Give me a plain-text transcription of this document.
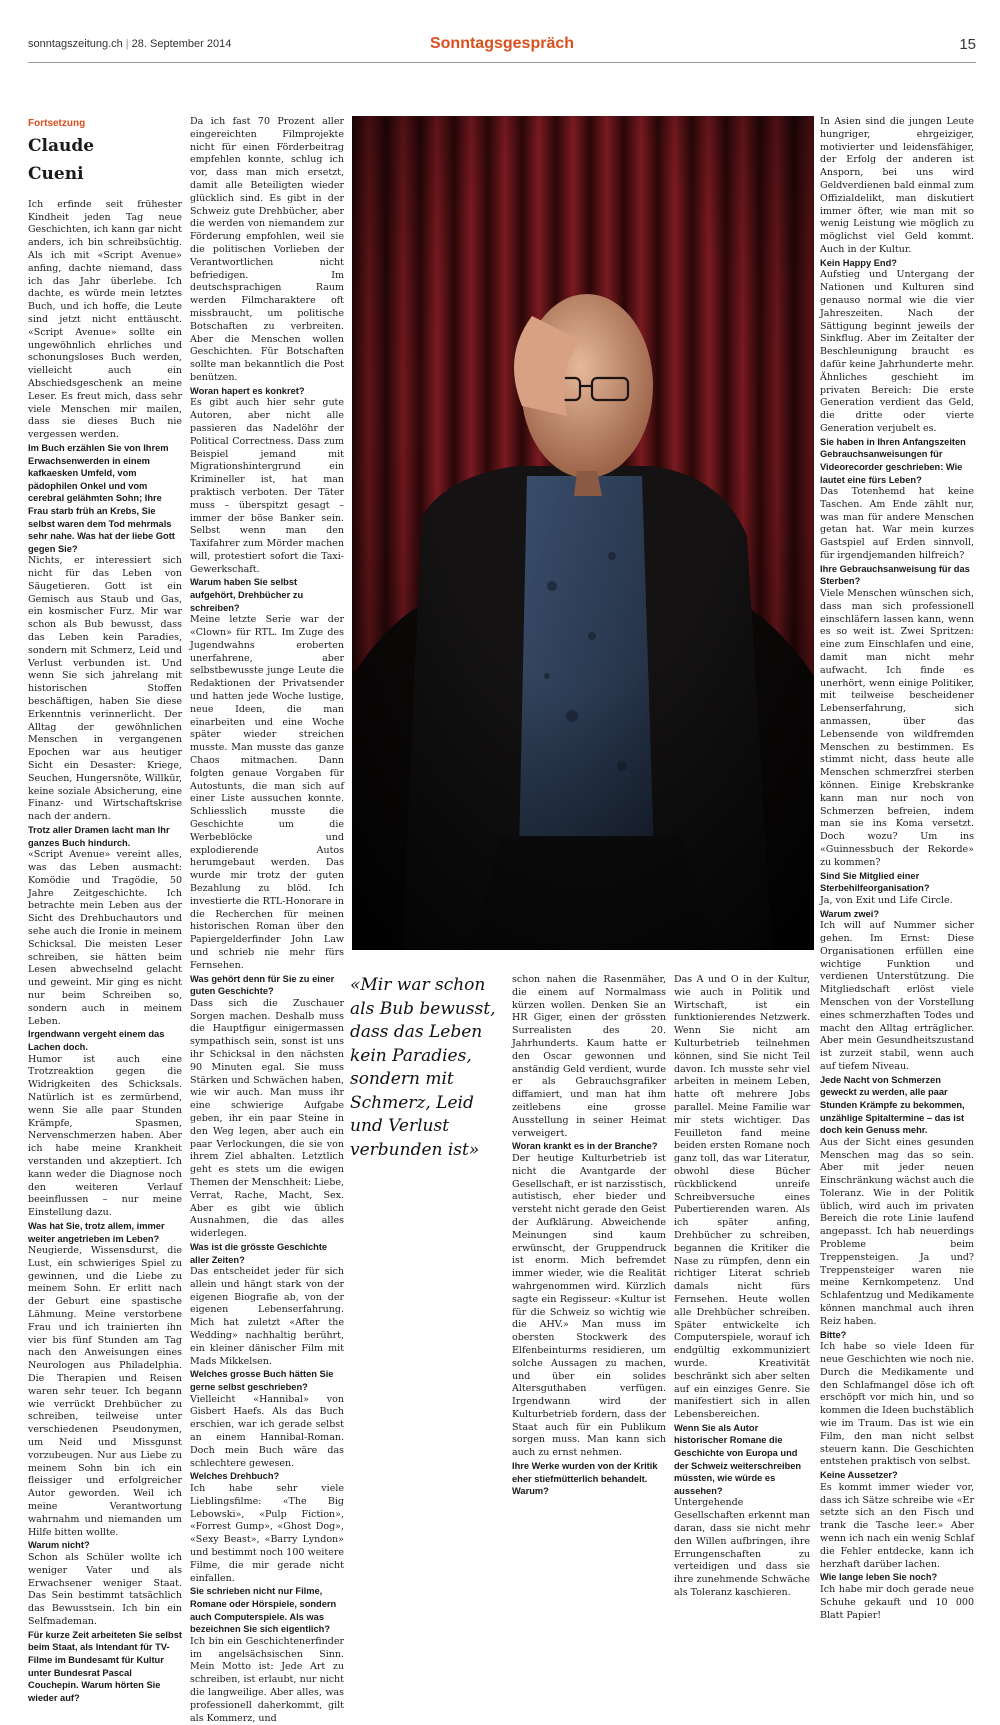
sonntagszeitung.ch | 28. September 2014	Sonntagsgespräch	15
Fortsetzung
Claude
Cueni

Ich erfinde seit frühester Kindheit jeden Tag neue Geschichten, ich kann gar nicht anders, ich bin schreibsüchtig. Als ich mit «Script Avenue» anfing, dachte niemand, dass ich das Jahr überlebe. Ich dachte, es würde mein letztes Buch, und ich hoffe, die Leute sind jetzt nicht enttäuscht. «Script Avenue» sollte ein ungewöhnlich ehrliches und schonungsloses Buch werden, vielleicht auch ein Abschiedsgeschenk an meine Leser. Es freut mich, dass sehr viele Menschen mir mailen, dass sie dieses Buch nie vergessen werden.

Im Buch erzählen Sie von Ihrem Erwachsenwerden in einem kafkaesken Umfeld, vom pädophilen Onkel und vom cerebral gelähmten Sohn; Ihre Frau starb früh an Krebs, Sie selbst waren dem Tod mehrmals sehr nahe. Was hat der liebe Gott gegen Sie?

Nichts, er interessiert sich nicht für das Leben von Säugetieren. Gott ist ein Gemisch aus Staub und Gas, ein kosmischer Furz. Mir war schon als Bub bewusst, dass das Leben kein Paradies, sondern mit Schmerz, Leid und Verlust verbunden ist. Und wenn Sie sich jahrelang mit historischen Stoffen beschäftigen, haben Sie diese Erkenntnis verinnerlicht. Der Alltag der gewöhnlichen Menschen in vergangenen Epochen war aus heutiger Sicht ein Desaster: Kriege, Seuchen, Hungersnöte, Willkür, keine soziale Absicherung, eine Finanz- und Wirtschaftskrise nach der andern.

Trotz aller Dramen lacht man Ihr ganzes Buch hindurch.

«Script Avenue» vereint alles, was das Leben ausmacht: Komödie und Tragödie, 50 Jahre Zeitgeschichte. Ich betrachte mein Leben aus der Sicht des Drehbuchautors und sehe auch die Ironie in meinem Schicksal. Die meisten Leser schreiben, sie hätten beim Lesen abwechselnd gelacht und geweint. Mir ging es nicht nur beim Schreiben so, sondern auch in meinem Leben.

Irgendwann vergeht einem das Lachen doch.

Humor ist auch eine Trotzreaktion gegen die Widrigkeiten des Schicksals. Natürlich ist es zermürbend, wenn Sie alle paar Stunden Krämpfe, Spasmen, Nervenschmerzen haben. Aber ich habe meine Krankheit verstanden und akzeptiert. Ich kann weder die Diagnose noch den weiteren Verlauf beeinflussen – nur meine Einstellung dazu.

Was hat Sie, trotz allem, immer weiter angetrieben im Leben?

Neugierde, Wissensdurst, die Lust, ein schwieriges Spiel zu gewinnen, und die Liebe zu meinem Sohn. Er erlitt nach der Geburt eine spastische Lähmung. Meine verstorbene Frau und ich trainierten ihn vier bis fünf Stunden am Tag nach den Anweisungen eines Neurologen aus Philadelphia. Die Therapien und Reisen waren sehr teuer. Ich begann wie verrückt Drehbücher zu schreiben, teilweise unter verschiedenen Pseudonymen, um Neid und Missgunst vorzubeugen. Nur aus Liebe zu meinem Sohn bin ich ein fleissiger und erfolgreicher Autor geworden. Weil ich meine Verantwortung wahrnahm und niemanden um Hilfe bitten wollte.

Warum nicht?

Schon als Schüler wollte ich weniger Vater und als Erwachsener weniger Staat. Das Sein bestimmt tatsächlich das Bewusstsein. Ich bin ein Selfmademan.

Für kurze Zeit arbeiteten Sie selbst beim Staat, als Intendant für TV-Filme im Bundesamt für Kultur unter Bundesrat Pascal Couchepin. Warum hörten Sie wieder auf?

Da ich fast 70 Prozent aller eingereichten Filmprojekte nicht für einen Förderbeitrag empfehlen konnte, schlug ich vor, dass man mich ersetzt, damit alle Beteiligten wieder glücklich sind. Es gibt in der Schweiz gute Drehbücher, aber die werden von niemandem zur Förderung empfohlen, weil sie die politischen Vorlieben der Verantwortlichen nicht befriedigen. Im deutschsprachigen Raum werden Filmcharaktere oft missbraucht, um politische Botschaften zu verbreiten. Aber die Menschen wollen Geschichten. Für Botschaften sollte man bekanntlich die Post benützen.

Woran hapert es konkret?

Es gibt auch hier sehr gute Autoren, aber nicht alle passieren das Nadelöhr der Political Correctness. Dass zum Beispiel jemand mit Migrationshintergrund ein Krimineller ist, hat man praktisch verboten. Der Täter muss – überspitzt gesagt – immer der böse Banker sein. Selbst wenn man den Taxifahrer zum Mörder machen will, protestiert sofort die Taxi-Gewerkschaft.

Warum haben Sie selbst aufgehört, Drehbücher zu schreiben?

Meine letzte Serie war der «Clown» für RTL. Im Zuge des Jugendwahns eroberten unerfahrene, aber selbstbewusste junge Leute die Redaktionen der Privatsender und hatten jede Woche lustige, neue Ideen, die man einarbeiten und eine Woche später wieder streichen musste. Man musste das ganze Chaos mitmachen. Dann folgten genaue Vorgaben für Autostunts, die man sich auf einer Liste aussuchen konnte. Schliesslich musste die Geschichte um die Werbeblöcke und explodierende Autos herumgebaut werden. Das wurde mir trotz der guten Bezahlung zu blöd. Ich investierte die RTL-Honorare in die Recherchen für meinen historischen Roman über den Papiergelderfinder John Law und schrieb nie mehr fürs Fernsehen.

Was gehört denn für Sie zu einer guten Geschichte?

Dass sich die Zuschauer Sorgen machen. Deshalb muss die Hauptfigur einigermassen sympathisch sein, sonst ist uns ihr Schicksal in den nächsten 90 Minuten egal. Sie muss Stärken und Schwächen haben, wie wir auch. Man muss ihr eine schwierige Aufgabe geben, ihr ein paar Steine in den Weg legen, aber auch ein paar Verlockungen, die sie von ihrem Ziel abhalten. Letztlich geht es stets um die ewigen Themen der Menschheit: Liebe, Verrat, Rache, Macht, Sex. Aber es gibt wie üblich Ausnahmen, die das alles widerlegen.

Was ist die grösste Geschichte aller Zeiten?

Das entscheidet jeder für sich allein und hängt stark von der eigenen Biografie ab, von der eigenen Lebenserfahrung. Mich hat zuletzt «After the Wedding» nachhaltig berührt, ein kleiner dänischer Film mit Mads Mikkelsen.

Welches grosse Buch hätten Sie gerne selbst geschrieben?

Vielleicht «Hannibal» von Gisbert Haefs. Als das Buch erschien, war ich gerade selbst an einem Hannibal-Roman. Doch mein Buch wäre das schlechtere gewesen.

Welches Drehbuch?

Ich habe sehr viele Lieblingsfilme: «The Big Lebowski», «Pulp Fiction», «Forrest Gump», «Ghost Dog», «Sexy Beast», «Barry Lyndon» und bestimmt noch 100 weitere Filme, die mir gerade nicht einfallen.

Sie schrieben nicht nur Filme, Romane oder Hörspiele, sondern auch Computerspiele. Als was bezeichnen Sie sich eigentlich?

Ich bin ein Geschichtenerfinder im angelsächsischen Sinn. Mein Motto ist: Jede Art zu schreiben, ist erlaubt, nur nicht die langweilige. Aber alles, was professionell daherkommt, gilt als Kommerz, und

«Mir war schon als Bub bewusst, dass das Leben kein Paradies, sondern mit Schmerz, Leid und Verlust verbunden ist»

schon nahen die Rasenmäher, die einem auf Normalmass kürzen wollen. Denken Sie an HR Giger, einen der grössten Surrealisten des 20. Jahrhunderts. Kaum hatte er den Oscar gewonnen und anständig Geld verdient, wurde er als Gebrauchsgrafiker diffamiert, und man hat ihm zeitlebens eine grosse Ausstellung in seiner Heimat verweigert.

Woran krankt es in der Branche?

Der heutige Kulturbetrieb ist nicht die Avantgarde der Gesellschaft, er ist narzisstisch, autistisch, eher bieder und versteht nicht gerade den Geist der Aufklärung. Abweichende Meinungen sind kaum erwünscht, der Gruppendruck ist enorm. Mich befremdet immer wieder, wie die Realität wahrgenommen wird. Kürzlich sagte ein Regisseur: «Kultur ist für die Schweiz so wichtig wie die AHV.» Man muss im obersten Stockwerk des Elfenbeinturms residieren, um solche Aussagen zu machen, und über ein solides Altersguthaben verfügen. Irgendwann wird der Kulturbetrieb fordern, dass der Staat auch für ein Publikum sorgen muss. Man kann sich auch zu ernst nehmen.

Ihre Werke wurden von der Kritik eher stiefmütterlich behandelt. Warum?

Das A und O in der Kultur, wie auch in Politik und Wirtschaft, ist ein funktionierendes Netzwerk. Wenn Sie nicht am Kulturbetrieb teilnehmen können, sind Sie nicht Teil davon. Ich musste sehr viel arbeiten in meinem Leben, hatte oft mehrere Jobs parallel. Meine Familie war mir stets wichtiger. Das Feuilleton fand meine beiden ersten Romane noch ganz toll, das war Literatur, obwohl diese Bücher rückblickend unreife Schreibversuche eines Pubertierenden waren. Als ich später anfing, Drehbücher zu schreiben, begannen die Kritiker die Nase zu rümpfen, denn ein richtiger Literat schrieb damals nicht fürs Fernsehen. Heute wollen alle Drehbücher schreiben. Später entwickelte ich Computerspiele, worauf ich endgültig exkommuniziert wurde. Kreativität beschränkt sich aber selten auf ein einziges Genre. Sie manifestiert sich in allen Lebensbereichen.

Wenn Sie als Autor historischer Romane die Geschichte von Europa und der Schweiz weiterschreiben müssten, wie würde es aussehen?

Untergehende Gesellschaften erkennt man daran, dass sie nicht mehr den Willen aufbringen, ihre Errungenschaften zu verteidigen und dass sie ihre zunehmende Schwäche als Toleranz kaschieren.

In Asien sind die jungen Leute hungriger, ehrgeiziger, motivierter und leidensfähiger, der Erfolg der anderen ist Ansporn, bei uns wird Geldverdienen bald einmal zum Offizialdelikt, man diskutiert immer öfter, wie man mit so wenig Leistung wie möglich zu möglichst viel Geld kommt. Auch in der Kultur.

Kein Happy End?

Aufstieg und Untergang der Nationen und Kulturen sind genauso normal wie die vier Jahreszeiten. Nach der Sättigung beginnt jeweils der Sinkflug. Aber im Zeitalter der Beschleunigung braucht es dafür keine Jahrhunderte mehr. Ähnliches geschieht im privaten Bereich: Die erste Generation verdient das Geld, die dritte oder vierte Generation verjubelt es.

Sie haben in Ihren Anfangszeiten Gebrauchsanweisungen für Videorecorder geschrieben: Wie lautet eine fürs Leben?

Das Totenhemd hat keine Taschen. Am Ende zählt nur, was man für andere Menschen getan hat. War mein kurzes Gastspiel auf Erden sinnvoll, für irgendjemanden hilfreich?

Ihre Gebrauchsanweisung für das Sterben?

Viele Menschen wünschen sich, dass man sich professionell einschläfern lassen kann, wenn es so weit ist. Zwei Spritzen: eine zum Einschlafen und eine, damit man nicht mehr aufwacht. Ich finde es unerhört, wenn einige Politiker, mit teilweise bescheidener Lebenserfahrung, sich anmassen, über das Lebensende von wildfremden Menschen zu bestimmen. Es stimmt nicht, dass heute alle Menschen schmerzfrei sterben können. Einige Krebskranke kann man nur noch von Schmerzen befreien, indem man sie ins Koma versetzt. Doch wozu? Um ins «Guinnessbuch der Rekorde» zu kommen?

Sind Sie Mitglied einer Sterbehilfeorganisation?

Ja, von Exit und Life Circle.

Warum zwei?

Ich will auf Nummer sicher gehen. Im Ernst: Diese Organisationen erfüllen eine wichtige Funktion und verdienen Unterstützung. Die Mitgliedschaft erlöst viele Menschen von der Vorstellung eines schmerzhaften Todes und macht den Alltag erträglicher. Aber mein Gesundheitszustand ist zurzeit stabil, wenn auch auf tiefem Niveau.

Jede Nacht von Schmerzen geweckt zu werden, alle paar Stunden Krämpfe zu bekommen, unzählige Spitaltermine – das ist doch kein Genuss mehr.

Aus der Sicht eines gesunden Menschen mag das so sein. Aber mit jeder neuen Einschränkung wächst auch die Toleranz. Wie in der Politik üblich, wird auch im privaten Bereich die rote Linie laufend angepasst. Ich hab neuerdings Probleme beim Treppensteigen. Ja und? Treppensteiger waren nie meine Kernkompetenz. Und Schlafentzug und Medikamente können manchmal auch ihren Reiz haben.

Bitte?

Ich habe so viele Ideen für neue Geschichten wie noch nie. Durch die Medikamente und den Schlafmangel döse ich oft erschöpft vor mich hin, und so kommen die Ideen buchstäblich wie im Traum. Das ist wie ein Film, den man nicht selbst steuern kann. Die Geschichten entstehen praktisch von selbst.

Keine Aussetzer?

Es kommt immer wieder vor, dass ich Sätze schreibe wie «Er setzte sich an den Fisch und trank die Tasche leer.» Aber wenn ich nach ein wenig Schlaf die Fehler entdecke, kann ich herzhaft darüber lachen.

Wie lange leben Sie noch?

Ich habe mir doch gerade neue Schuhe gekauft und 10 000 Blatt Papier!
